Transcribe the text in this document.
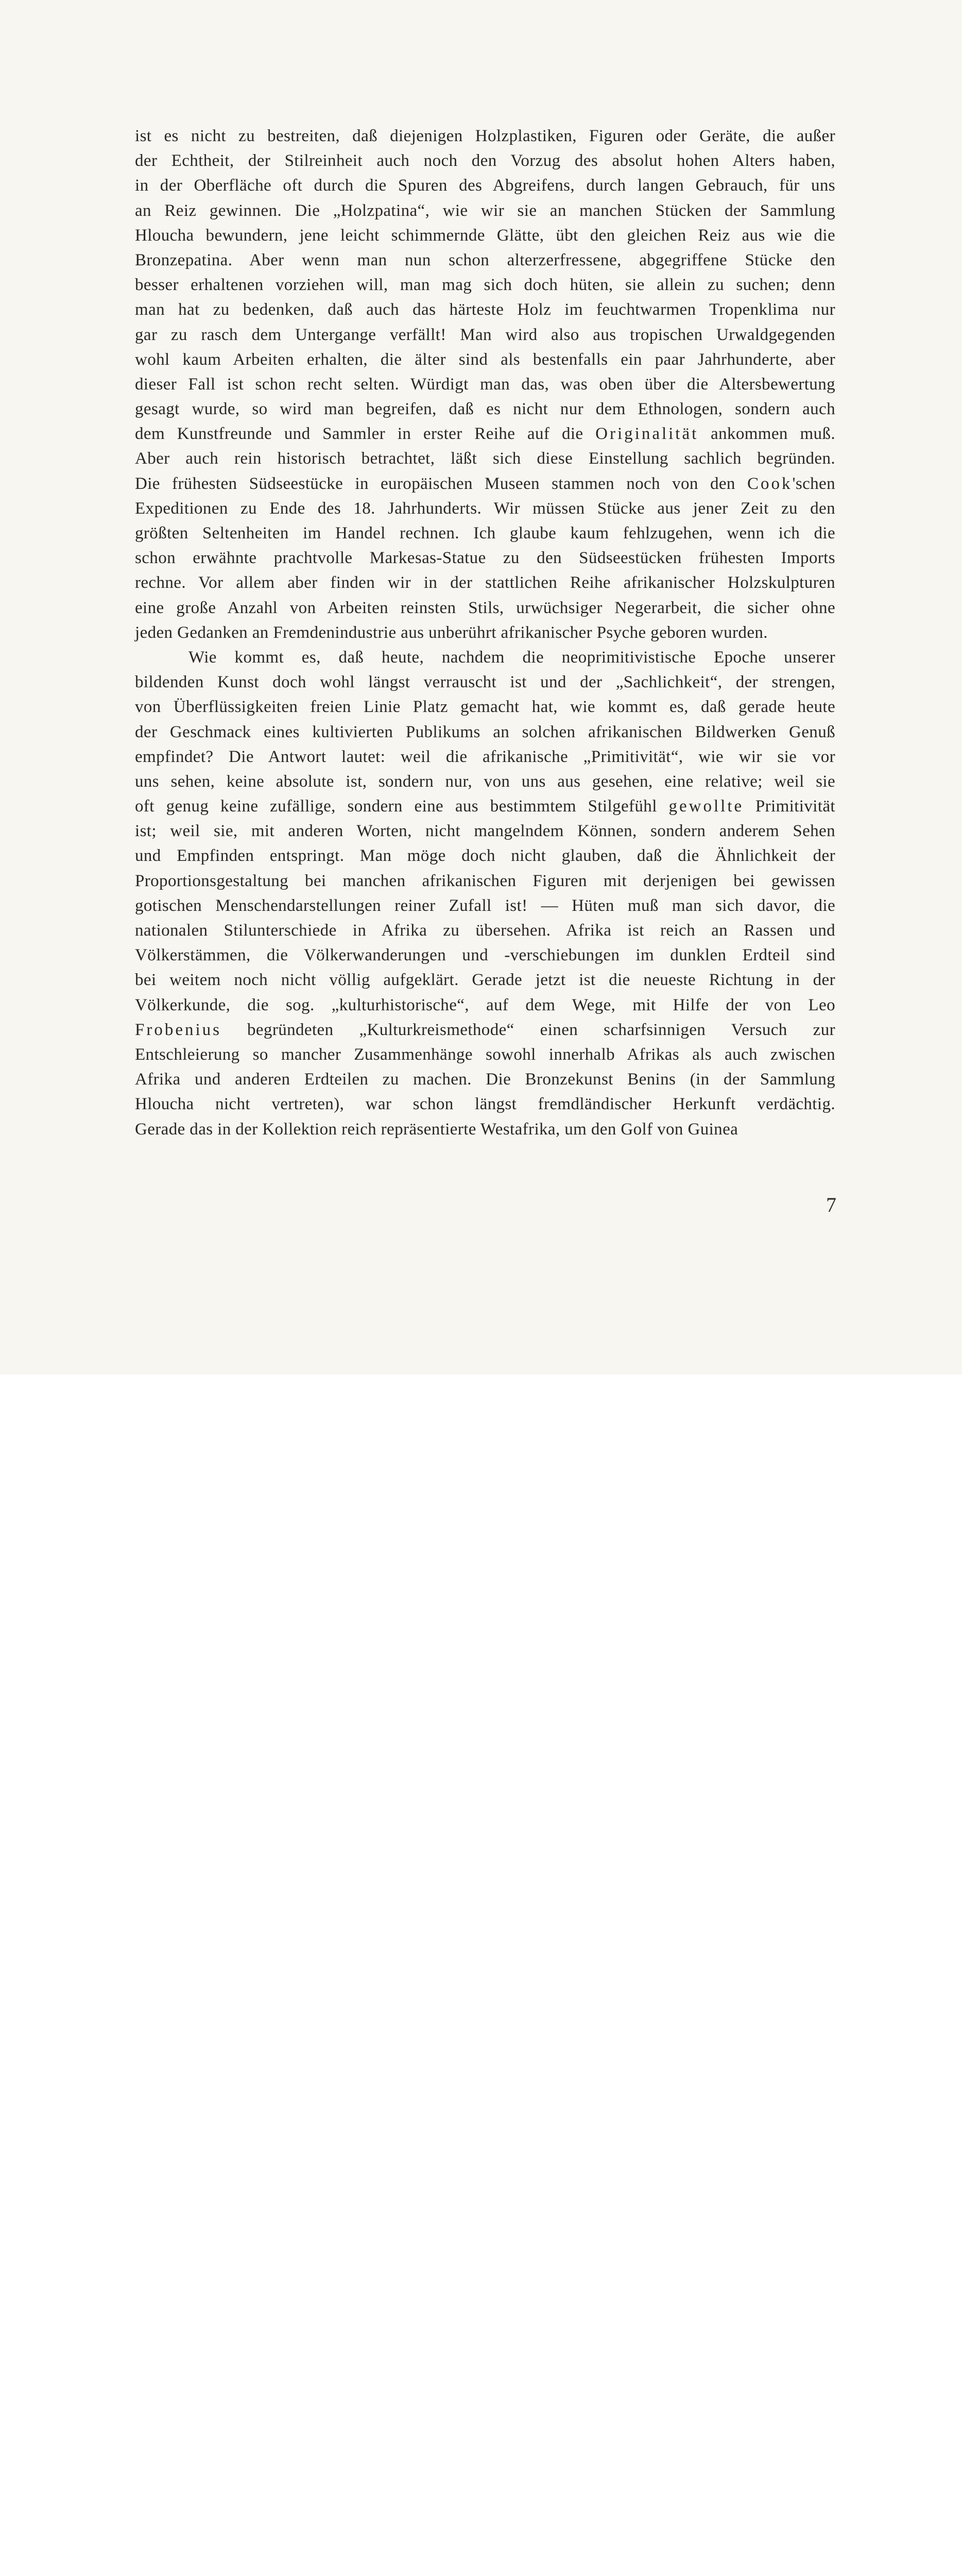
ist es nicht zu bestreiten, daß diejenigen Holzplastiken, Figuren oder Geräte, die außer
der Echtheit, der Stilreinheit auch noch den Vorzug des absolut hohen Alters haben,
in der Oberfläche oft durch die Spuren des Abgreifens, durch langen Gebrauch, für uns
an Reiz gewinnen. Die „Holzpatina“, wie wir sie an manchen Stücken der Sammlung
Hloucha bewundern, jene leicht schimmernde Glätte, übt den gleichen Reiz aus wie die
Bronzepatina. Aber wenn man nun schon alterzerfressene, abgegriffene Stücke den
besser erhaltenen vorziehen will, man mag sich doch hüten, sie allein zu suchen; denn
man hat zu bedenken, daß auch das härteste Holz im feuchtwarmen Tropenklima nur
gar zu rasch dem Untergange verfällt! Man wird also aus tropischen Urwaldgegenden
wohl kaum Arbeiten erhalten, die älter sind als bestenfalls ein paar Jahrhunderte, aber
dieser Fall ist schon recht selten. Würdigt man das, was oben über die Altersbewertung
gesagt wurde, so wird man begreifen, daß es nicht nur dem Ethnologen, sondern auch
dem Kunstfreunde und Sammler in erster Reihe auf die Originalität ankommen muß.
Aber auch rein historisch betrachtet, läßt sich diese Einstellung sachlich begründen.
Die frühesten Südseestücke in europäischen Museen stammen noch von den Cook'schen
Expeditionen zu Ende des 18. Jahrhunderts. Wir müssen Stücke aus jener Zeit zu den
größten Seltenheiten im Handel rechnen. Ich glaube kaum fehlzugehen, wenn ich die
schon erwähnte prachtvolle Markesas-Statue zu den Südseestücken frühesten Imports
rechne. Vor allem aber finden wir in der stattlichen Reihe afrikanischer Holzskulpturen
eine große Anzahl von Arbeiten reinsten Stils, urwüchsiger Negerarbeit, die sicher ohne
jeden Gedanken an Fremdenindustrie aus unberührt afrikanischer Psyche geboren wurden.
Wie kommt es, daß heute, nachdem die neoprimitivistische Epoche unserer
bildenden Kunst doch wohl längst verrauscht ist und der „Sachlichkeit“, der strengen,
von Überflüssigkeiten freien Linie Platz gemacht hat, wie kommt es, daß gerade heute
der Geschmack eines kultivierten Publikums an solchen afrikanischen Bildwerken Genuß
empfindet? Die Antwort lautet: weil die afrikanische „Primitivität“, wie wir sie vor
uns sehen, keine absolute ist, sondern nur, von uns aus gesehen, eine relative; weil sie
oft genug keine zufällige, sondern eine aus bestimmtem Stilgefühl gewollte Primitivität
ist; weil sie, mit anderen Worten, nicht mangelndem Können, sondern anderem Sehen
und Empfinden entspringt. Man möge doch nicht glauben, daß die Ähnlichkeit der
Proportionsgestaltung bei manchen afrikanischen Figuren mit derjenigen bei gewissen
gotischen Menschendarstellungen reiner Zufall ist! — Hüten muß man sich davor, die
nationalen Stilunterschiede in Afrika zu übersehen. Afrika ist reich an Rassen und
Völkerstämmen, die Völkerwanderungen und -verschiebungen im dunklen Erdteil sind
bei weitem noch nicht völlig aufgeklärt. Gerade jetzt ist die neueste Richtung in der
Völkerkunde, die sog. „kulturhistorische“, auf dem Wege, mit Hilfe der von Leo
Frobenius begründeten „Kulturkreismethode“ einen scharfsinnigen Versuch zur
Entschleierung so mancher Zusammenhänge sowohl innerhalb Afrikas als auch zwischen
Afrika und anderen Erdteilen zu machen. Die Bronzekunst Benins (in der Sammlung
Hloucha nicht vertreten), war schon längst fremdländischer Herkunft verdächtig.
Gerade das in der Kollektion reich repräsentierte Westafrika, um den Golf von Guinea
7
